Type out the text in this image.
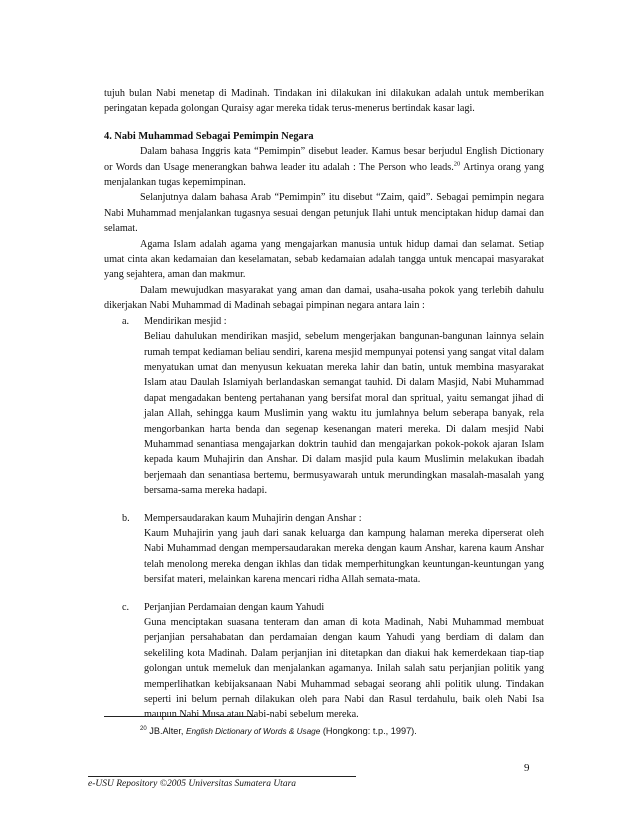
tujuh bulan Nabi menetap di Madinah. Tindakan ini dilakukan ini dilakukan adalah untuk memberikan peringatan kepada golongan Quraisy agar mereka tidak terus-menerus bertindak kasar lagi.

4. Nabi Muhammad Sebagai Pemimpin Negara

Dalam bahasa Inggris kata “Pemimpin” disebut leader. Kamus besar berjudul English Dictionary or Words dan Usage menerangkan bahwa leader itu adalah : The Person who leads.$^{20}$ Artinya orang yang menjalankan tugas kepemimpinan.

Selanjutnya dalam bahasa Arab “Pemimpin” itu disebut “Zaim, qaid”. Sebagai pemimpin negara Nabi Muhammad menjalankan tugasnya sesuai dengan petunjuk Ilahi untuk menciptakan hidup damai dan selamat.

Agama Islam adalah agama yang mengajarkan manusia untuk hidup damai dan selamat. Setiap umat cinta akan kedamaian dan keselamatan, sebab kedamaian adalah tangga untuk mencapai masyarakat yang sejahtera, aman dan makmur.

Dalam mewujudkan masyarakat yang aman dan damai, usaha-usaha pokok yang terlebih dahulu dikerjakan Nabi Muhammad di Madinah sebagai pimpinan negara antara lain :

a.	Mendirikan mesjid :

Beliau dahulukan mendirikan masjid, sebelum mengerjakan bangunan-bangunan lainnya selain rumah tempat kediaman beliau sendiri, karena mesjid mempunyai potensi yang sangat vital dalam menyatukan umat dan menyusun kekuatan mereka lahir dan batin, untuk membina masyarakat Islam atau Daulah Islamiyah berlandaskan semangat tauhid. Di dalam Masjid, Nabi Muhammad dapat mengadakan benteng pertahanan yang bersifat moral dan spritual, yaitu semangat jihad di jalan Allah, sehingga kaum Muslimin yang waktu itu jumlahnya belum seberapa banyak, rela mengorbankan harta benda dan segenap kesenangan materi mereka. Di dalam mesjid Nabi Muhammad senantiasa mengajarkan doktrin tauhid dan mengajarkan pokok-pokok ajaran Islam kepada kaum Muhajirin dan Anshar. Di dalam masjid pula kaum Muslimin melakukan ibadah berjemaah dan senantiasa bertemu, bermusyawarah untuk merundingkan masalah-masalah yang bersama-sama mereka hadapi.

b.	Mempersaudarakan kaum Muhajirin dengan Anshar :

Kaum Muhajirin yang jauh dari sanak keluarga dan kampung halaman mereka diperserat oleh Nabi Muhammad dengan mempersaudarakan mereka dengan kaum Anshar, karena kaum Anshar telah menolong mereka dengan ikhlas dan tidak memperhitungkan keuntungan-keuntungan yang bersifat materi, melainkan karena mencari ridha Allah semata-mata.

c.	Perjanjian Perdamaian dengan kaum Yahudi

Guna menciptakan suasana tenteram dan aman di kota Madinah, Nabi Muhammad membuat perjanjian persahabatan dan perdamaian dengan kaum Yahudi yang berdiam di dalam dan sekeliling kota Madinah. Dalam perjanjian ini ditetapkan dan diakui hak kemerdekaan tiap-tiap golongan untuk memeluk dan menjalankan agamanya. Inilah salah satu perjanjian politik yang memperlihatkan kebijaksanaan Nabi Muhammad sebagai seorang ahli politik ulung. Tindakan seperti ini belum pernah dilakukan oleh para Nabi dan Rasul terdahulu, baik oleh Nabi Isa maupun Nabi Musa atau Nabi-nabi sebelum mereka.

$^{20}$ JB.Alter, English Dictionary of Words & Usage (Hongkong: t.p., 1997).
9
e-USU Repository ©2005 Universitas Sumatera Utara
